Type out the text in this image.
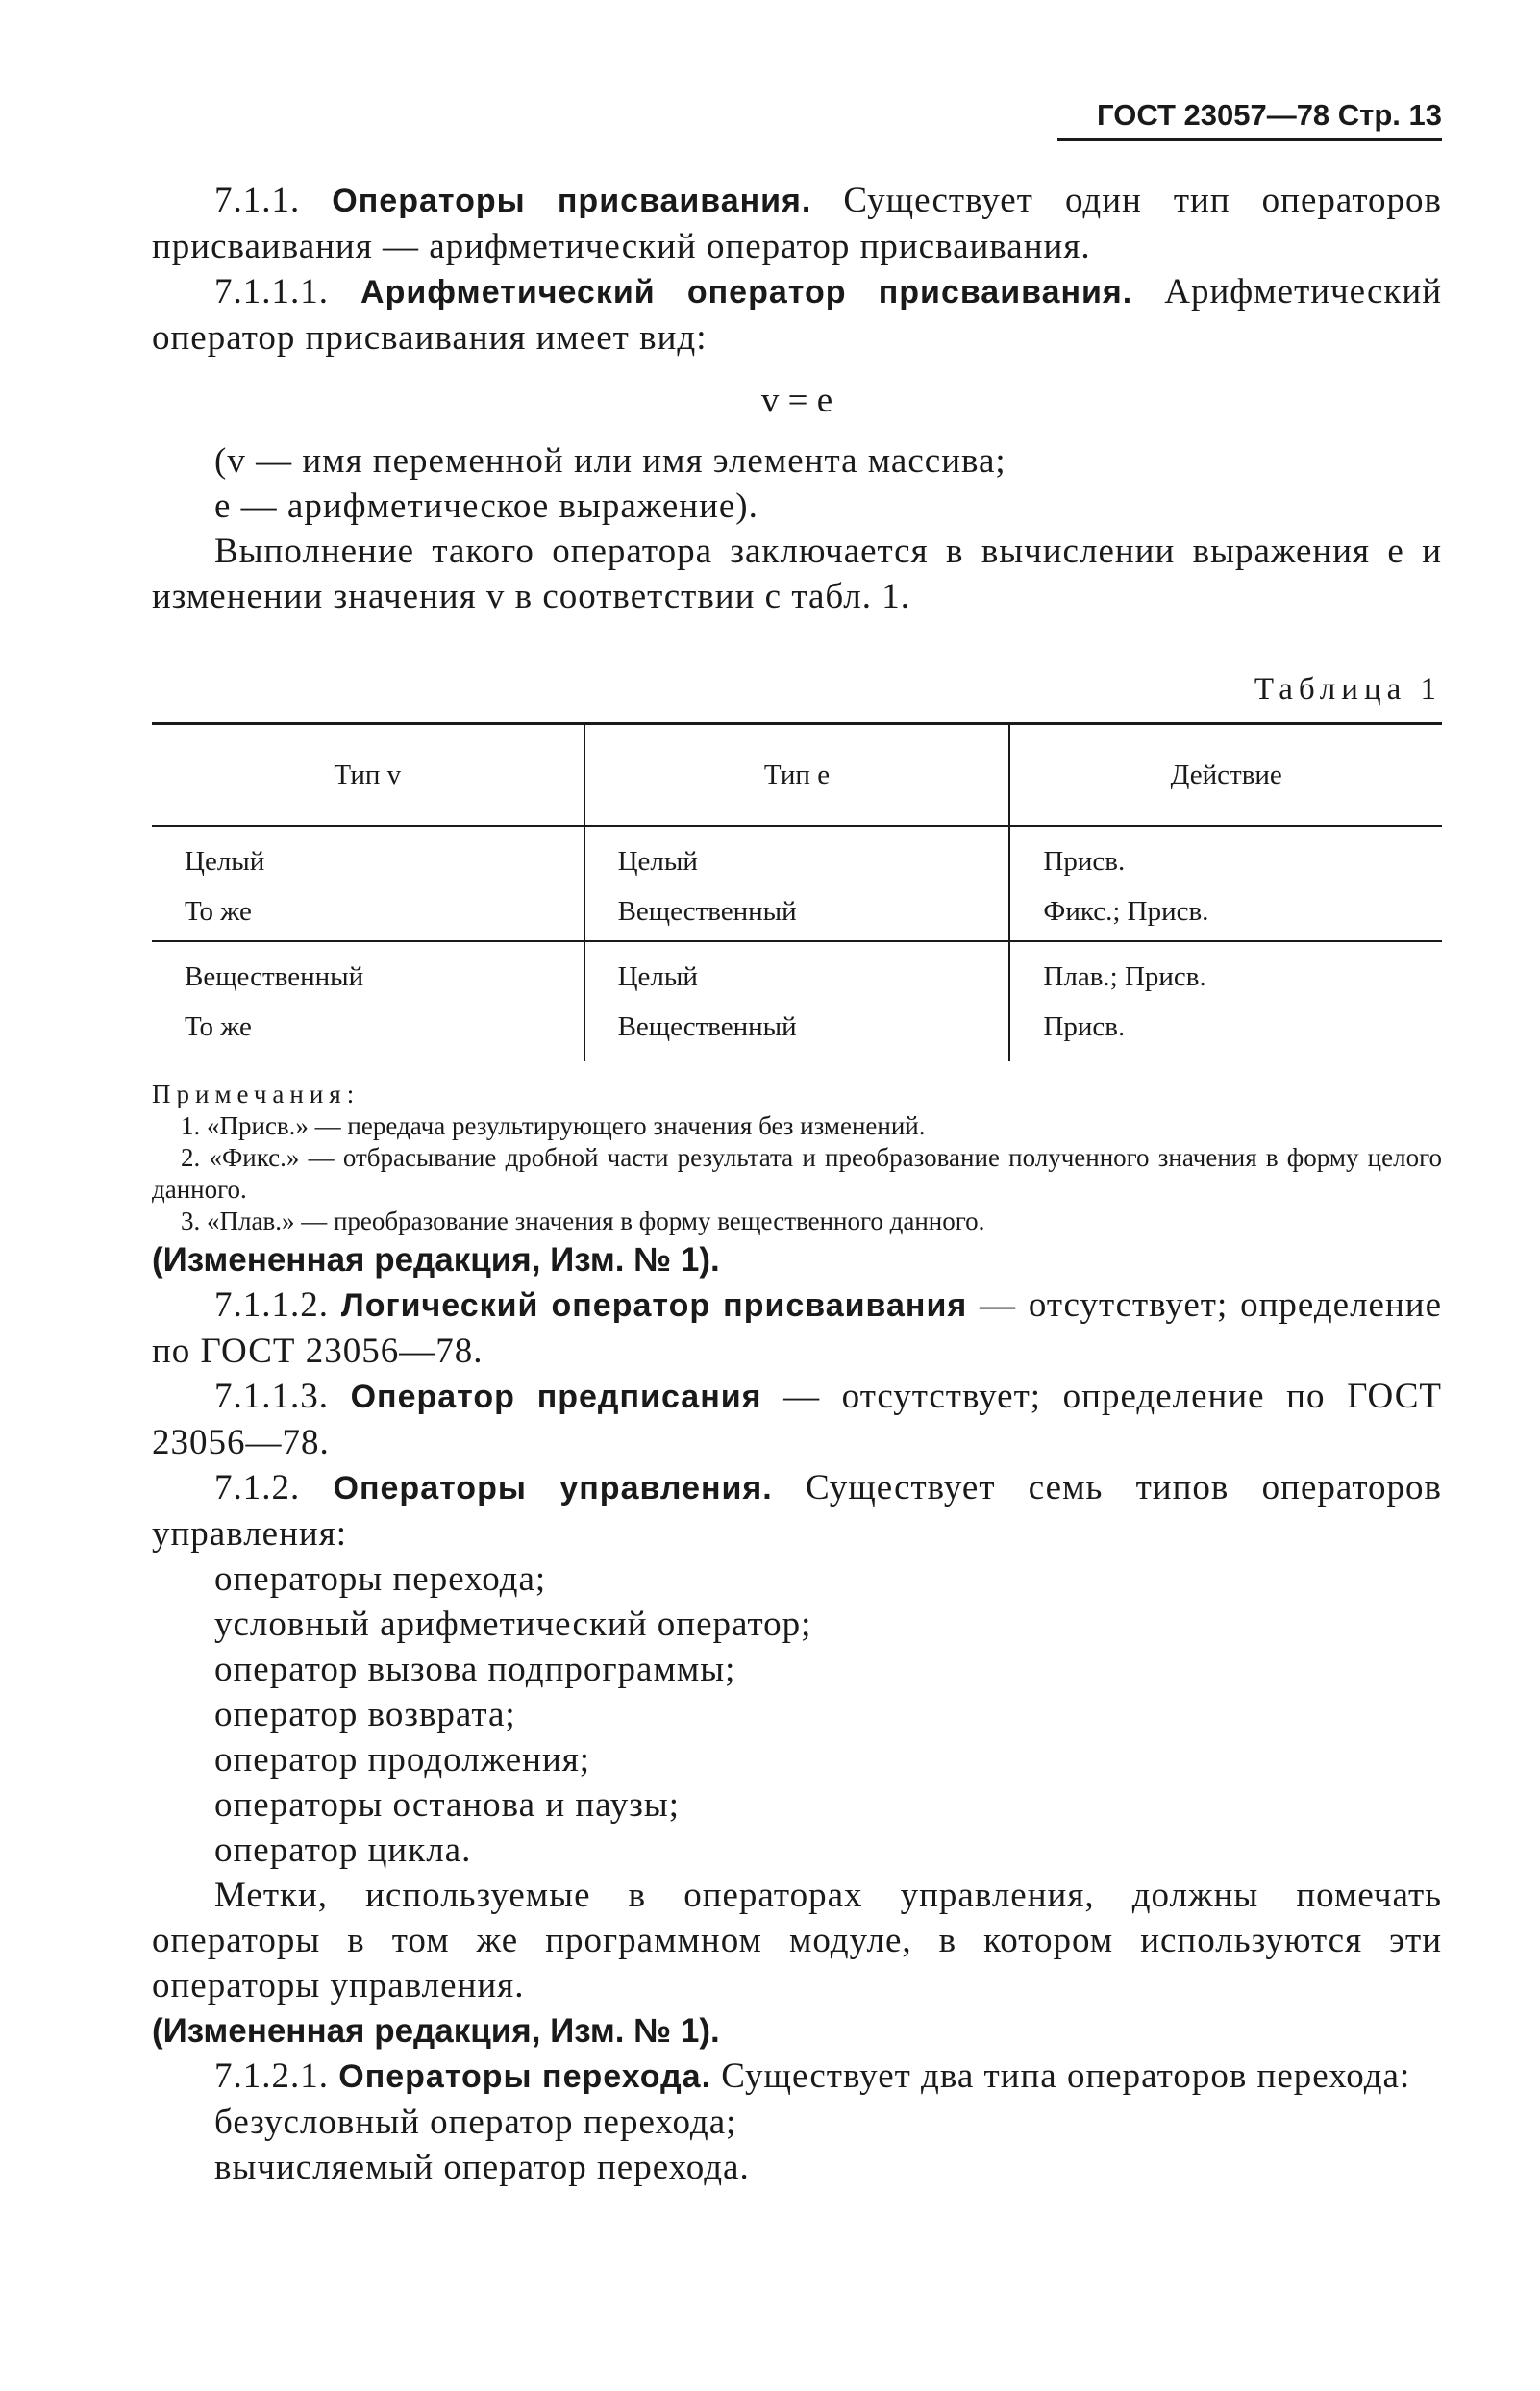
ГОСТ 23057—78 Стр. 13

7.1.1. Операторы присваивания. Существует один тип операторов присваивания — арифметический оператор присваивания.

7.1.1.1. Арифметический оператор присваивания. Арифметический оператор присваивания имеет вид:

v = e

(v — имя переменной или имя элемента массива;

e — арифметическое выражение).

Выполнение такого оператора заключается в вычислении выражения e и изменении значения v в соответствии с табл. 1.

Таблица 1
Тип v	Тип e	Действие
Целый	Целый	Присв.
То же	Вещественный	Фикс.; Присв.
Вещественный	Целый	Плав.; Присв.
То же	Вещественный	Присв.

Примечания:

1. «Присв.» — передача результирующего значения без изменений.

2. «Фикс.» — отбрасывание дробной части результата и преобразование полученного значения в форму целого данного.

3. «Плав.» — преобразование значения в форму вещественного данного.

(Измененная редакция, Изм. № 1).

7.1.1.2. Логический оператор присваивания — отсутствует; определение по ГОСТ 23056—78.

7.1.1.3. Оператор предписания — отсутствует; определение по ГОСТ 23056—78.

7.1.2. Операторы управления. Существует семь типов операторов управления:

операторы перехода;
условный арифметический оператор;
оператор вызова подпрограммы;
оператор возврата;
оператор продолжения;
операторы останова и паузы;
оператор цикла.

Метки, используемые в операторах управления, должны помечать операторы в том же программном модуле, в котором используются эти операторы управления.

(Измененная редакция, Изм. № 1).

7.1.2.1. Операторы перехода. Существует два типа операторов перехода:

безусловный оператор перехода;
вычисляемый оператор перехода.
